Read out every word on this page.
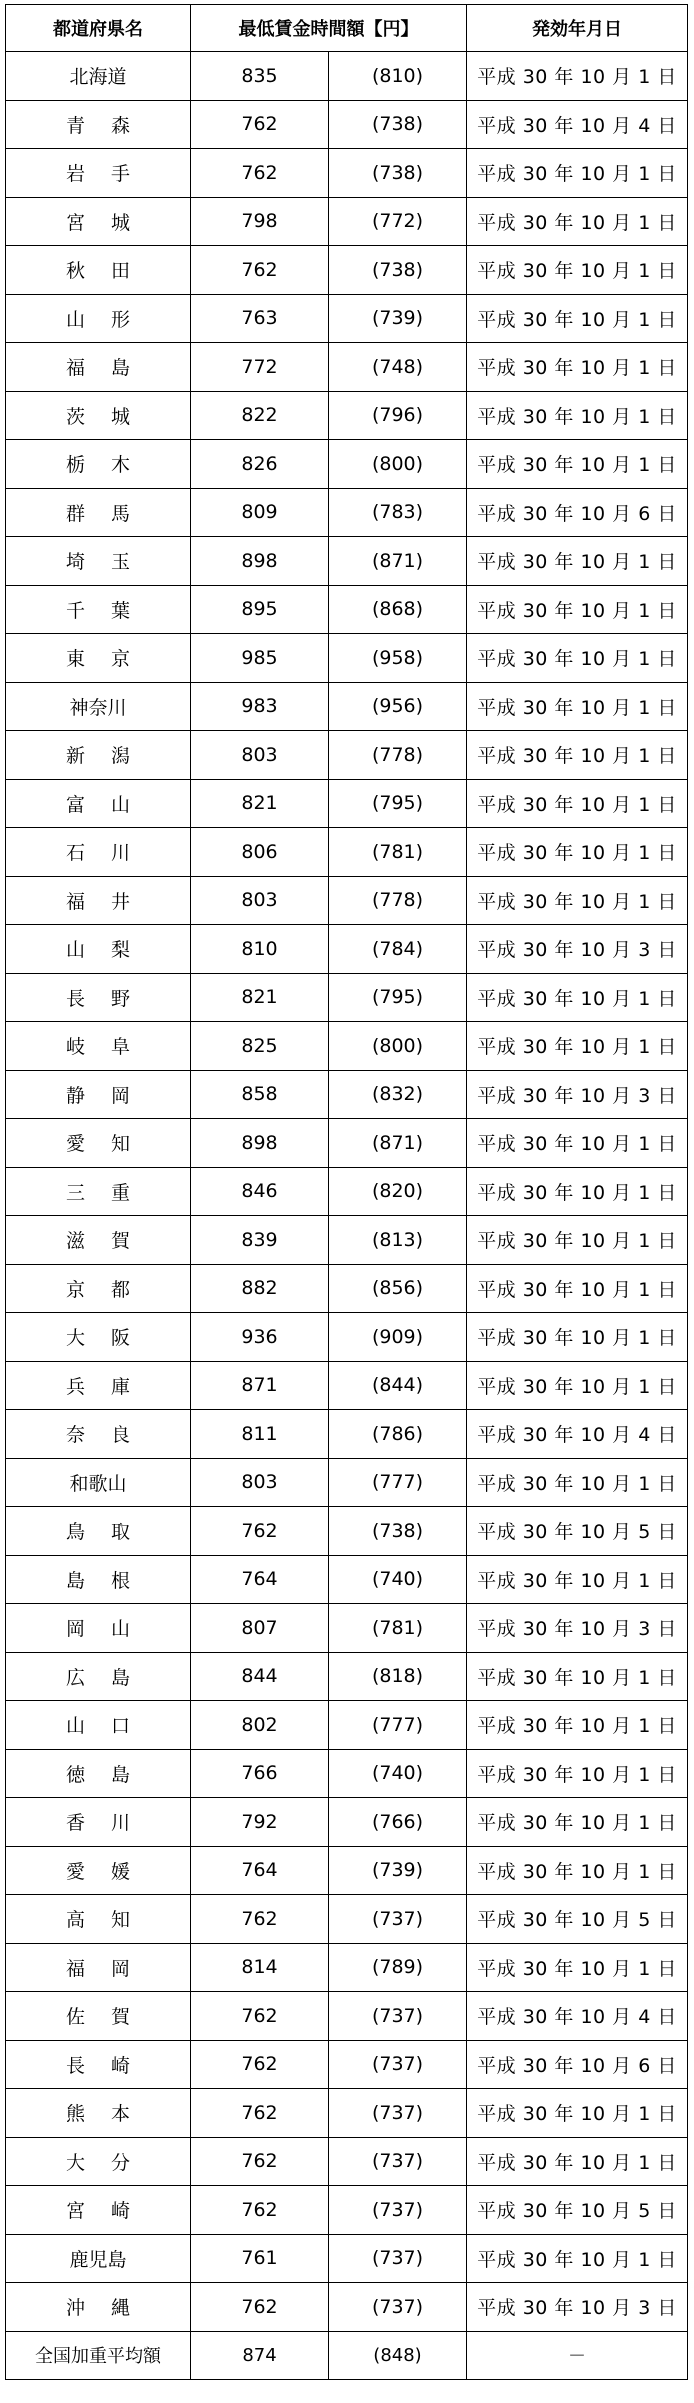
都道府県名	最低賃金時間額【円】		発効年月日
北海道	835	(810)	平成 30 年 10 月 1 日
青森	762	(738)	平成 30 年 10 月 4 日
岩手	762	(738)	平成 30 年 10 月 1 日
宮城	798	(772)	平成 30 年 10 月 1 日
秋田	762	(738)	平成 30 年 10 月 1 日
山形	763	(739)	平成 30 年 10 月 1 日
福島	772	(748)	平成 30 年 10 月 1 日
茨城	822	(796)	平成 30 年 10 月 1 日
栃木	826	(800)	平成 30 年 10 月 1 日
群馬	809	(783)	平成 30 年 10 月 6 日
埼玉	898	(871)	平成 30 年 10 月 1 日
千葉	895	(868)	平成 30 年 10 月 1 日
東京	985	(958)	平成 30 年 10 月 1 日
神奈川	983	(956)	平成 30 年 10 月 1 日
新潟	803	(778)	平成 30 年 10 月 1 日
富山	821	(795)	平成 30 年 10 月 1 日
石川	806	(781)	平成 30 年 10 月 1 日
福井	803	(778)	平成 30 年 10 月 1 日
山梨	810	(784)	平成 30 年 10 月 3 日
長野	821	(795)	平成 30 年 10 月 1 日
岐阜	825	(800)	平成 30 年 10 月 1 日
静岡	858	(832)	平成 30 年 10 月 3 日
愛知	898	(871)	平成 30 年 10 月 1 日
三重	846	(820)	平成 30 年 10 月 1 日
滋賀	839	(813)	平成 30 年 10 月 1 日
京都	882	(856)	平成 30 年 10 月 1 日
大阪	936	(909)	平成 30 年 10 月 1 日
兵庫	871	(844)	平成 30 年 10 月 1 日
奈良	811	(786)	平成 30 年 10 月 4 日
和歌山	803	(777)	平成 30 年 10 月 1 日
鳥取	762	(738)	平成 30 年 10 月 5 日
島根	764	(740)	平成 30 年 10 月 1 日
岡山	807	(781)	平成 30 年 10 月 3 日
広島	844	(818)	平成 30 年 10 月 1 日
山口	802	(777)	平成 30 年 10 月 1 日
徳島	766	(740)	平成 30 年 10 月 1 日
香川	792	(766)	平成 30 年 10 月 1 日
愛媛	764	(739)	平成 30 年 10 月 1 日
高知	762	(737)	平成 30 年 10 月 5 日
福岡	814	(789)	平成 30 年 10 月 1 日
佐賀	762	(737)	平成 30 年 10 月 4 日
長崎	762	(737)	平成 30 年 10 月 6 日
熊本	762	(737)	平成 30 年 10 月 1 日
大分	762	(737)	平成 30 年 10 月 1 日
宮崎	762	(737)	平成 30 年 10 月 5 日
鹿児島	761	(737)	平成 30 年 10 月 1 日
沖縄	762	(737)	平成 30 年 10 月 3 日
全国加重平均額	874	(848)	－
